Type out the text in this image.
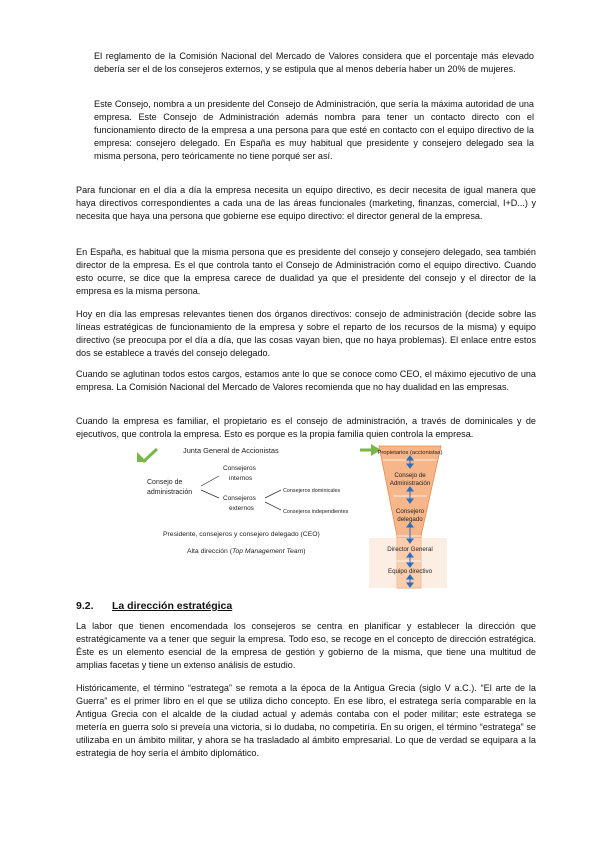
El reglamento de la Comisión Nacional del Mercado de Valores considera que el porcentaje más elevado debería ser el de los consejeros externos, y se estipula que al menos debería haber un 20% de mujeres.

Este Consejo, nombra a un presidente del Consejo de Administración, que sería la máxima autoridad de una empresa. Este Consejo de Administración además nombra para tener un contacto directo con el funcionamiento directo de la empresa a una persona para que esté en contacto con el equipo directivo de la empresa: consejero delegado. En España es muy habitual que presidente y consejero delegado sea la misma persona, pero teóricamente no tiene porqué ser así.

Para funcionar en el día a día la empresa necesita un equipo directivo, es decir necesita de igual manera que haya directivos correspondientes a cada una de las áreas funcionales (marketing, finanzas, comercial, I+D...) y necesita que haya una persona que gobierne ese equipo directivo: el director general de la empresa.

En España, es habitual que la misma persona que es presidente del consejo y consejero delegado, sea también director de la empresa. Es el que controla tanto el Consejo de Administración como el equipo directivo. Cuando esto ocurre, se dice que la empresa carece de dualidad ya que el presidente del consejo y el director de la empresa es la misma persona.

Hoy en día las empresas relevantes tienen dos órganos directivos: consejo de administración (decide sobre las líneas estratégicas de funcionamiento de la empresa y sobre el reparto de los recursos de la misma) y equipo directivo (se preocupa por el día a día, que las cosas vayan bien, que no haya problemas). El enlace entre estos dos se establece a través del consejo delegado.

Cuando se aglutinan todos estos cargos, estamos ante lo que se conoce como CEO, el máximo ejecutivo de una empresa. La Comisión Nacional del Mercado de Valores recomienda que no hay dualidad en las empresas.

Cuando la empresa es familiar, el propietario es el consejo de administración, a través de dominicales y de ejecutivos, que controla la empresa. Esto es porque es la propia familia quien controla la empresa.

Junta General de Accionistas
Consejo de
administración
Consejeros
internos
Consejeros
externos
Consejeros dominicales
Consejeros independientes
Presidente, consejeros y consejero delegado (CEO)
Alta dirección (Top Management Team)
Propietarios (accionistas)
Consejo de
Administración
Consejero
delegado
Director General
Equipo directivo
9.2. La dirección estratégica

La labor que tienen encomendada los consejeros se centra en planificar y establecer la dirección que estratégicamente va a tener que seguir la empresa. Todo eso, se recoge en el concepto de dirección estratégica. Éste es un elemento esencial de la empresa de gestión y gobierno de la misma, que tiene una multitud de amplias facetas y tiene un extenso análisis de estudio.

Históricamente, el término “estratega” se remota a la época de la Antigua Grecia (siglo V a.C.). “El arte de la Guerra” es el primer libro en el que se utiliza dicho concepto. En ese libro, el estratega sería comparable en la Antigua Grecia con el alcalde de la ciudad actual y además contaba con el poder militar; este estratega se metería en guerra solo si preveía una victoria, si lo dudaba, no competiría. En su origen, el término “estratega” se utilizaba en un ámbito militar, y ahora se ha trasladado al ámbito empresarial. Lo que de verdad se equipara a la estrategia de hoy sería el ámbito diplomático.
